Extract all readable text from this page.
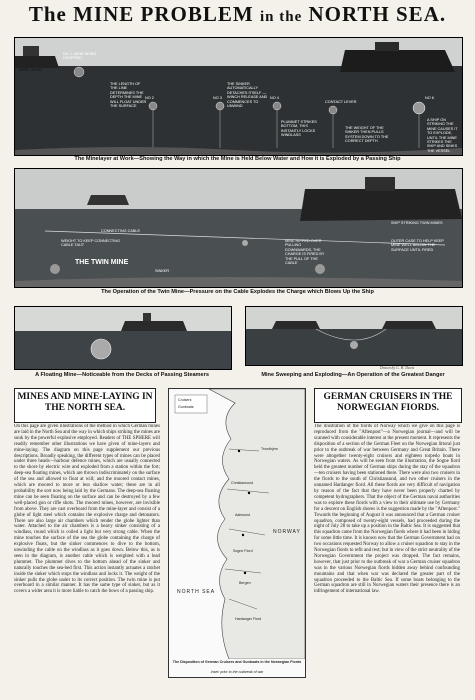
The MINE PROBLEM in the NORTH SEA.
NO. 1 MINE BEING DROPPED
MINE LAYER
NO 2	NO 3	NO 4
CONTACT LEVER
NO 6
THE LENGTH OF THE LINE DETERMINES THE DEPTH THE MINE WILL FLOAT UNDER THE SURFACE
THE SINKER AUTOMATICALLY DETACHES ITSELF — WINCH RELEASE AND COMMENCES TO UNWIND
PLUMMET STRIKES BOTTOM, THIS INSTANTLY LOCKS WINDLASS
THE WEIGHT OF THE SINKER THEN PULLS SYSTEM DOWN TO THE CORRECT DEPTH
A SHIP ON STRIKING THE MINE CAUSES IT TO EXPLODE, UNTIL THE MINE STRIKES THE SHIP AND SINKS THE VESSEL
The Minelayer at Work—Showing the Way in which the Mine is Held Below Water and How it is Exploded by a Passing Ship
CONNECTING CABLE
WEIGHT TO KEEP CONNECTING CABLE TAUT
THE TWIN MINE
MINE RIPPED OVER PULLING DOWNWARDS, THE CHARGE IS FIRED BY THE PULL OF THE CABLE
SHIP STRIKING TWIN MINES
OUTER CASE TO HELP KEEP MINE WELL BELOW THE SURFACE UNTIL FIRED
SINKER
The Operation of the Twin Mine—Pressure on the Cable Explodes the Charge which Blows Up the Ship
A Floating Mine—Noticeable from the Decks of Passing Steamers
Drawn by G. H. Davis
Mine Sweeping and Exploding—An Operation of the Greatest Danger
MINES AND MINE-LAYING IN THE NORTH SEA.
On this page are given illustrations of the method in which German mines are laid in the North Sea and the way in which ships striking the mines are sunk by the powerful explosive employed. Readers of THE SPHERE will readily remember other illustrations we have given of mine-layers and mine-laying. The diagram on this page supplement our previous descriptions. Broadly speaking, the different types of mines can be placed under three heads—harbour defence mines, which are usually connected to the shore by electric wire and exploded from a station within the fort; deep-sea floating mines, which are thrown indiscriminately on the surface of the sea and allowed to float at will; and the moored contact mines, which are moored to more or less shallow water; these are in all probability the sort now being laid by the Germans. The deep-sea floating mine can be seen floating on the surface and can be destroyed by a few well-placed gun or rifle shots. The moored mines, however, are invisible from above. They are cast overboard from the mine-layer and consist of a globe of light steel which contains the explosive charge and detonators. There are also large air chambers which render the globe lighter than water. Attached to the air chambers is a heavy sinker consisting of a windlass, round which is coiled a light but very strong cable. When the mine touches the surface of the sea the globe containing the charge of explosive floats, but the sinker commences to dive to the bottom, unwinding the cable on the windlass as it goes down. Below this, as is seen in the diagram, is another cable which is weighted with a lead plummet. The plummet dives to the bottom ahead of the sinker and naturally touches the sea-bed first. This action instantly actuates a ratchet inside the sinker which stops the windlass and locks it. The weight of the sinker pulls the globe under to its correct position. The twin mine is put overboard in a similar manner. It has the same type of sinker, but as it covers a wider area it is more liable to catch the bows of a passing ship.
Cruisers
Gunboats
Trondhjem
Christiansund
Aalesund
Sogne Fiord
Bergen
Hardanger Fiord
NORWAY
NORTH SEA
The Disposition of German Cruisers and Gunboats in the Norwegian Fiords
Inset: prior to the outbreak of war
GERMAN CRUISERS IN THE NORWEGIAN FIORDS.
The illustration of the fiords of Norway which we give on this page is reproduced from the "Aftenpost"—a Norwegian journal—and will be scanned with considerable interest at the present moment. It represents the disposition of a section of the German Fleet on the Norwegian littoral just prior to the outbreak of war between Germany and Great Britain. There were altogether twenty-eight cruisers and eighteen torpedo boats in Norwegian waters. As will be seen from the illustration, the Sogne fiord held the greatest number of German ships during the stay of the squadron—ten cruisers having been stationed there. There were also two cruisers in the fiords to the south of Christiansund, and two other cruisers in the unnamed Hardanger fiord. All these fiords are very difficult of navigation by reason of the fact that they have never been properly charted by competent hydrographers. That the object of the German naval authorities was to explore these fiords with a view to their ultimate use by Germany for a descent on English shores is the suggestion made by the "Aftenpost." Towards the beginning of August it was announced that a German cruiser squadron, composed of twenty-eight vessels, had proceeded during the night of July 28 to take up a position in the Baltic Sea. It is suggested that this squadron came from the Norwegian fiords where it had been in hiding for some little time. It is known now that the German Government had on two occasions requested Norway to allow a cruiser squadron to stay in the Norwegian fiords to refit and rest; but in view of the strict neutrality of the Norwegian Government the project was dropped. The fact remains, however, that just prior to the outbreak of war a German cruiser squadron was in the various Norwegian fiords hidden away behind confounding mountains and that when war was declared the greater part of the squadron proceeded to the Baltic Sea. If some boats belonging to the German squadron are still in Norwegian waters their presence there is an infringement of international law.
